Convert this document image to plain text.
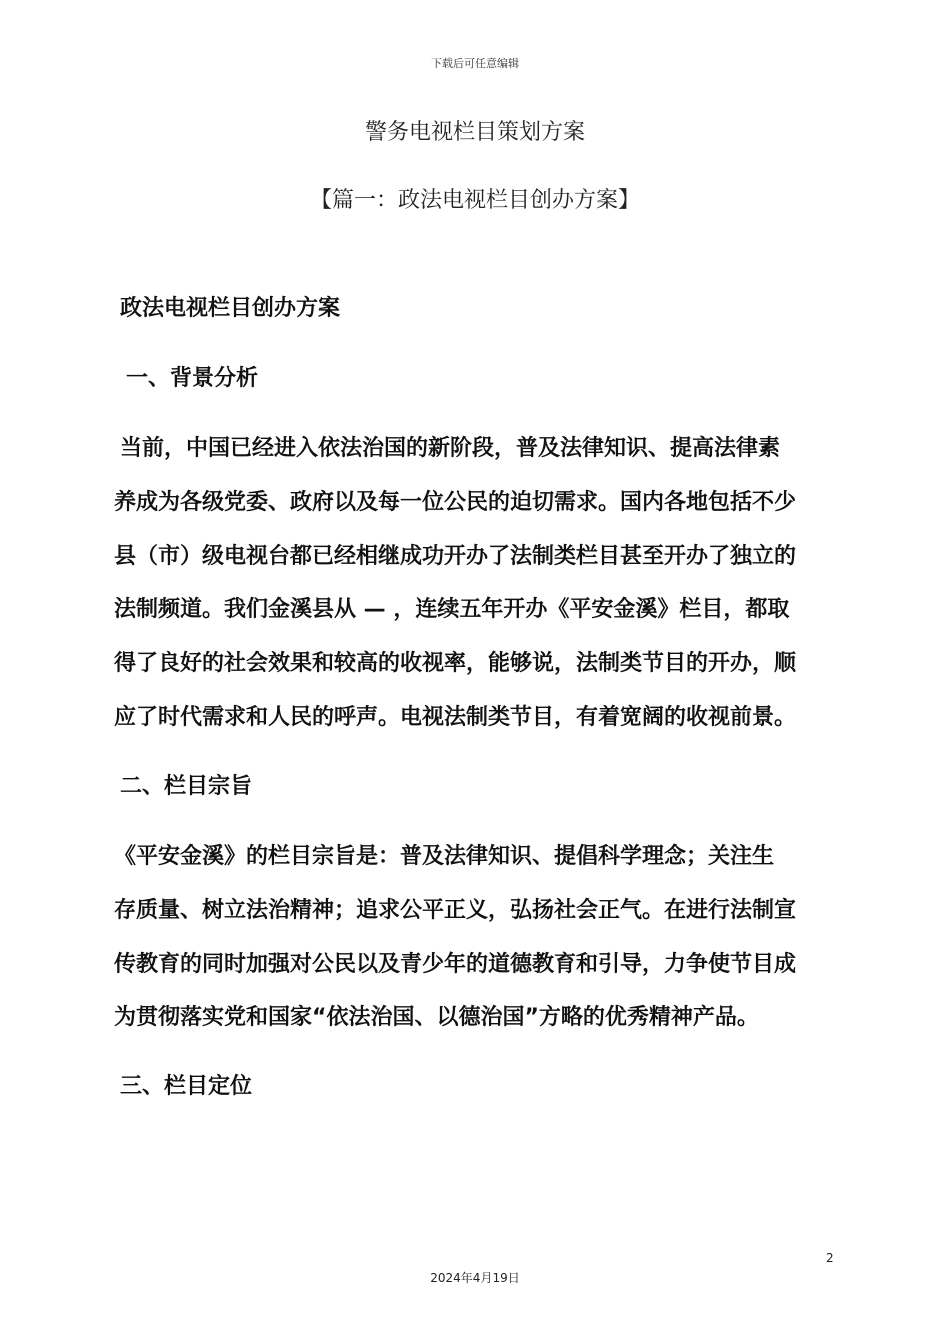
下载后可任意编辑
警务电视栏目策划方案
【篇一：政法电视栏目创办方案】
政法电视栏目创办方案
一、背景分析
当前，中国已经进入依法治国的新阶段，普及法律知识、提高法律素
养成为各级党委、政府以及每一位公民的迫切需求。国内各地包括不少
县（市）级电视台都已经相继成功开办了法制类栏目甚至开办了独立的
法制频道。我们金溪县从 — ，连续五年开办《平安金溪》栏目，都取
得了良好的社会效果和较高的收视率，能够说，法制类节目的开办，顺
应了时代需求和人民的呼声。电视法制类节目，有着宽阔的收视前景。
二、栏目宗旨
《平安金溪》的栏目宗旨是：普及法律知识、提倡科学理念；关注生
存质量、树立法治精神；追求公平正义，弘扬社会正气。在进行法制宣
传教育的同时加强对公民以及青少年的道德教育和引导，力争使节目成
为贯彻落实党和国家“依法治国、以德治国”方略的优秀精神产品。
三、栏目定位
2
2024年4月19日
